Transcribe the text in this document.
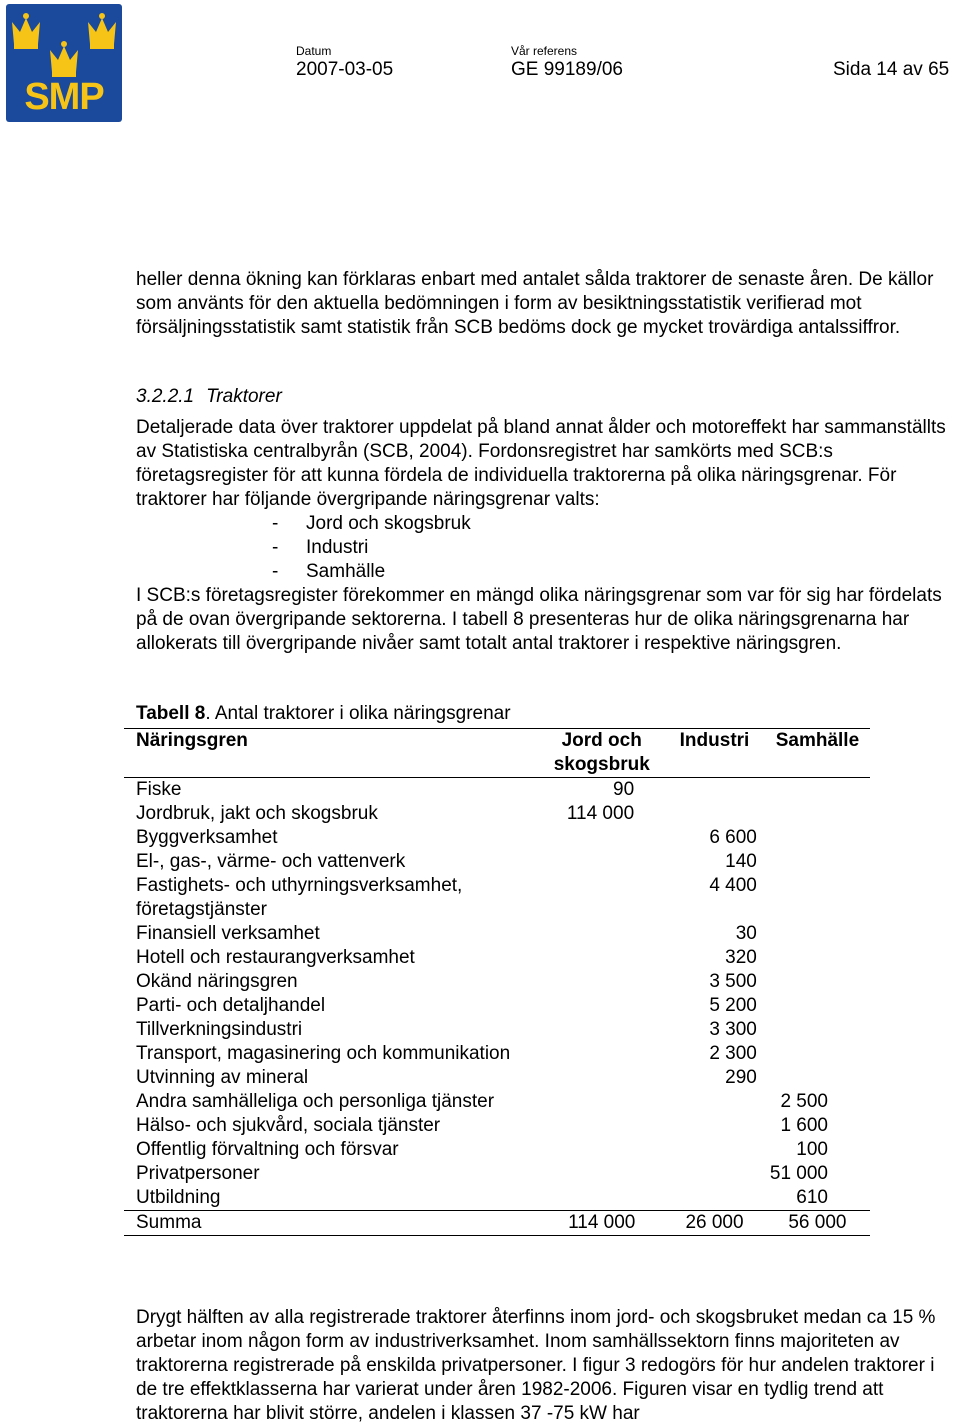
SMP
Datum
2007-03-05
Vår referens
GE 99189/06	Sida 14 av 65

heller denna ökning kan förklaras enbart med antalet sålda traktorer de senaste åren. De källor som använts för den aktuella bedömningen i form av besiktningsstatistik verifierad mot försäljningsstatistik samt statistik från SCB bedöms dock ge mycket trovärdiga antalssiffror.

3.2.2.1 Traktorer

Detaljerade data över traktorer uppdelat på bland annat ålder och motoreffekt har sammanställts av Statistiska centralbyrån (SCB, 2004). Fordonsregistret har samkörts med SCB:s företagsregister för att kunna fördela de individuella traktorerna på olika näringsgrenar. För traktorer har följande övergripande näringsgrenar valts:

- Jord och skogsbruk
- Industri
- Samhälle

I SCB:s företagsregister förekommer en mängd olika näringsgrenar som var för sig har fördelats på de ovan övergripande sektorerna. I tabell 8 presenteras hur de olika näringsgrenarna har allokerats till övergripande nivåer samt totalt antal traktorer i respektive näringsgren.

Tabell 8. Antal traktorer i olika näringsgrenar
Näringsgren	Jord och skogsbruk	Industri	Samhälle
Fiske	90		
Jordbruk, jakt och skogsbruk	114 000		
Byggverksamhet		6 600	
El-, gas-, värme- och vattenverk		140	
Fastighets- och uthyrningsverksamhet, företagstjänster		4 400	
Finansiell verksamhet		30	
Hotell och restaurangverksamhet		320	
Okänd näringsgren		3 500	
Parti- och detaljhandel		5 200	
Tillverkningsindustri		3 300	
Transport, magasinering och kommunikation		2 300	
Utvinning av mineral		290	
Andra samhälleliga och personliga tjänster			2 500
Hälso- och sjukvård, sociala tjänster			1 600
Offentlig förvaltning och försvar			100
Privatpersoner			51 000
Utbildning			610
Summa	114 000	26 000	56 000

Drygt hälften av alla registrerade traktorer återfinns inom jord- och skogsbruket medan ca 15 % arbetar inom någon form av industriverksamhet. Inom samhällssektorn finns majoriteten av traktorerna registrerade på enskilda privatpersoner. I figur 3 redogörs för hur andelen traktorer i de tre effektklasserna har varierat under åren 1982-2006. Figuren visar en tydlig trend att traktorerna har blivit större, andelen i klassen 37 -75 kW har
